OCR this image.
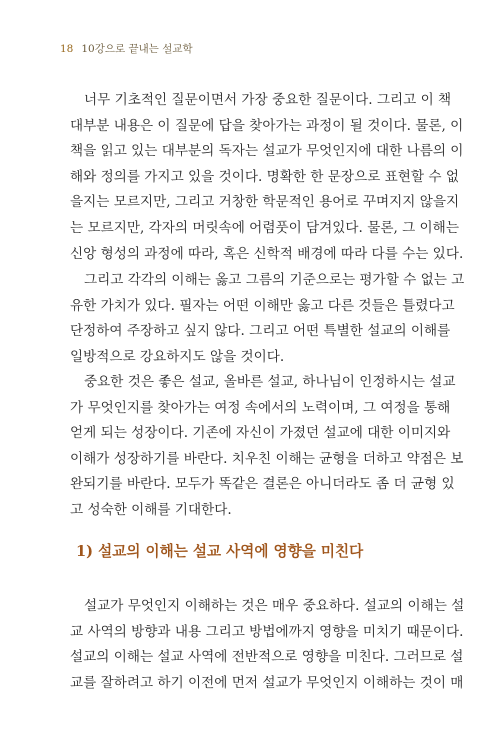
18 10강으로 끝내는 설교학
너무 기초적인 질문이면서 가장 중요한 질문이다. 그리고 이 책
대부분 내용은 이 질문에 답을 찾아가는 과정이 될 것이다. 물론, 이
책을 읽고 있는 대부분의 독자는 설교가 무엇인지에 대한 나름의 이
해와 정의를 가지고 있을 것이다. 명확한 한 문장으로 표현할 수 없
을지는 모르지만, 그리고 거창한 학문적인 용어로 꾸며지지 않을지
는 모르지만, 각자의 머릿속에 어렴풋이 담겨있다. 물론, 그 이해는
신앙 형성의 과정에 따라, 혹은 신학적 배경에 따라 다를 수는 있다.
그리고 각각의 이해는 옳고 그름의 기준으로는 평가할 수 없는 고
유한 가치가 있다. 필자는 어떤 이해만 옳고 다른 것들은 틀렸다고
단정하여 주장하고 싶지 않다. 그리고 어떤 특별한 설교의 이해를
일방적으로 강요하지도 않을 것이다.
중요한 것은 좋은 설교, 올바른 설교, 하나님이 인정하시는 설교
가 무엇인지를 찾아가는 여정 속에서의 노력이며, 그 여정을 통해
얻게 되는 성장이다. 기존에 자신이 가졌던 설교에 대한 이미지와
이해가 성장하기를 바란다. 치우친 이해는 균형을 더하고 약점은 보
완되기를 바란다. 모두가 똑같은 결론은 아니더라도 좀 더 균형 있
고 성숙한 이해를 기대한다.
1) 설교의 이해는 설교 사역에 영향을 미친다
설교가 무엇인지 이해하는 것은 매우 중요하다. 설교의 이해는 설
교 사역의 방향과 내용 그리고 방법에까지 영향을 미치기 때문이다.
설교의 이해는 설교 사역에 전반적으로 영향을 미친다. 그러므로 설
교를 잘하려고 하기 이전에 먼저 설교가 무엇인지 이해하는 것이 매
